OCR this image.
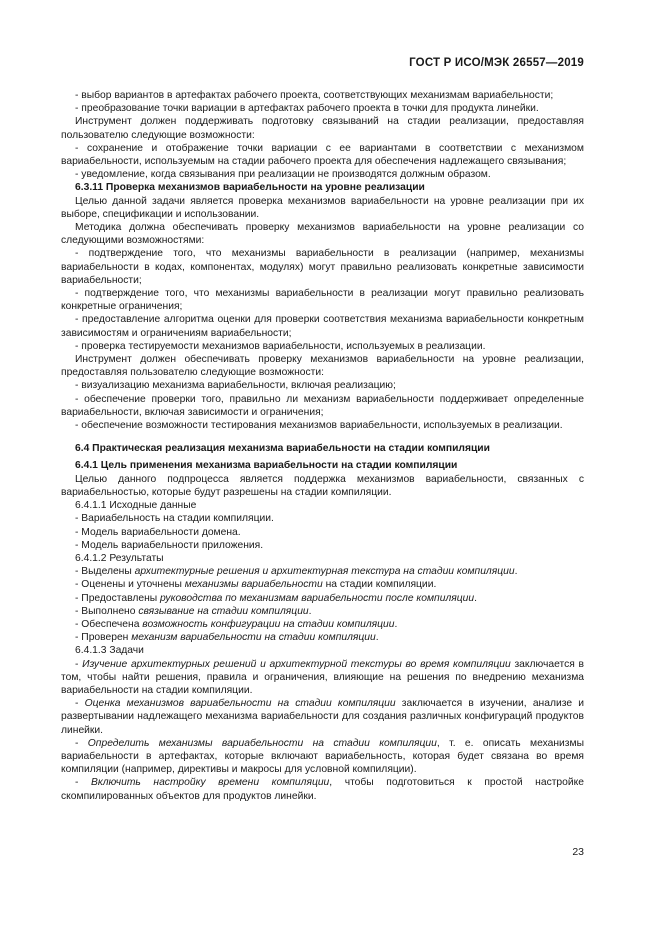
ГОСТ Р ИСО/МЭК 26557—2019

- выбор вариантов в артефактах рабочего проекта, соответствующих механизмам вариабельности;

- преобразование точки вариации в артефактах рабочего проекта в точки для продукта линейки.

Инструмент должен поддерживать подготовку связываний на стадии реализации, предоставляя пользователю следующие возможности:

- сохранение и отображение точки вариации с ее вариантами в соответствии с механизмом вариабельности, используемым на стадии рабочего проекта для обеспечения надлежащего связывания;

- уведомление, когда связывания при реализации не производятся должным образом.

6.3.11 Проверка механизмов вариабельности на уровне реализации

Целью данной задачи является проверка механизмов вариабельности на уровне реализации при их выборе, спецификации и использовании.

Методика должна обеспечивать проверку механизмов вариабельности на уровне реализации со следующими возможностями:

- подтверждение того, что механизмы вариабельности в реализации (например, механизмы вариабельности в кодах, компонентах, модулях) могут правильно реализовать конкретные зависимости вариабельности;

- подтверждение того, что механизмы вариабельности в реализации могут правильно реализовать конкретные ограничения;

- предоставление алгоритма оценки для проверки соответствия механизма вариабельности конкретным зависимостям и ограничениям вариабельности;

- проверка тестируемости механизмов вариабельности, используемых в реализации.

Инструмент должен обеспечивать проверку механизмов вариабельности на уровне реализации, предоставляя пользователю следующие возможности:

- визуализацию механизма вариабельности, включая реализацию;

- обеспечение проверки того, правильно ли механизм вариабельности поддерживает определенные вариабельности, включая зависимости и ограничения;

- обеспечение возможности тестирования механизмов вариабельности, используемых в реализации.

6.4 Практическая реализация механизма вариабельности на стадии компиляции

6.4.1 Цель применения механизма вариабельности на стадии компиляции

Целью данного подпроцесса является поддержка механизмов вариабельности, связанных с вариабельностью, которые будут разрешены на стадии компиляции.

6.4.1.1 Исходные данные

- Вариабельность на стадии компиляции.

- Модель вариабельности домена.

- Модель вариабельности приложения.

6.4.1.2 Результаты

- Выделены архитектурные решения и архитектурная текстура на стадии компиляции.

- Оценены и уточнены механизмы вариабельности на стадии компиляции.

- Предоставлены руководства по механизмам вариабельности после компиляции.

- Выполнено связывание на стадии компиляции.

- Обеспечена возможность конфигурации на стадии компиляции.

- Проверен механизм вариабельности на стадии компиляции.

6.4.1.3 Задачи

- Изучение архитектурных решений и архитектурной текстуры во время компиляции заключается в том, чтобы найти решения, правила и ограничения, влияющие на решения по внедрению механизма вариабельности на стадии компиляции.

- Оценка механизмов вариабельности на стадии компиляции заключается в изучении, анализе и развертывании надлежащего механизма вариабельности для создания различных конфигураций продуктов линейки.

- Определить механизмы вариабельности на стадии компиляции, т. е. описать механизмы вариабельности в артефактах, которые включают вариабельность, которая будет связана во время компиляции (например, директивы и макросы для условной компиляции).

- Включить настройку времени компиляции, чтобы подготовиться к простой настройке скомпилированных объектов для продуктов линейки.

23
